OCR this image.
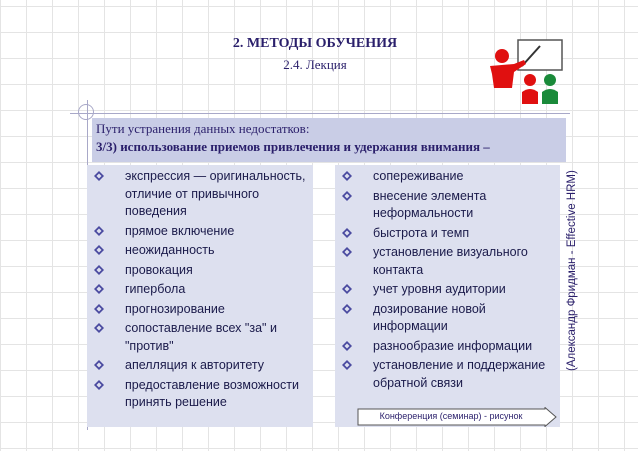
2. МЕТОДЫ ОБУЧЕНИЯ
2.4. Лекция
Пути устранения данных недостатков:
3/3) использование приемов привлечения и удержания внимания –
экспрессия — оригинальность, отличие от привычного поведения
прямое включение
неожиданность
провокация
гипербола
прогнозирование
сопоставление всех "за" и "против"
апелляция к авторитету
предоставление возможности принять решение
сопереживание
внесение элемента неформальности
быстрота и темп
установление визуального контакта
учет уровня аудитории
дозирование новой информации
разнообразие информации
установление и поддержание обратной связи
(Александр Фридман - Effective HRM)
Конференция (семинар) - рисунок
